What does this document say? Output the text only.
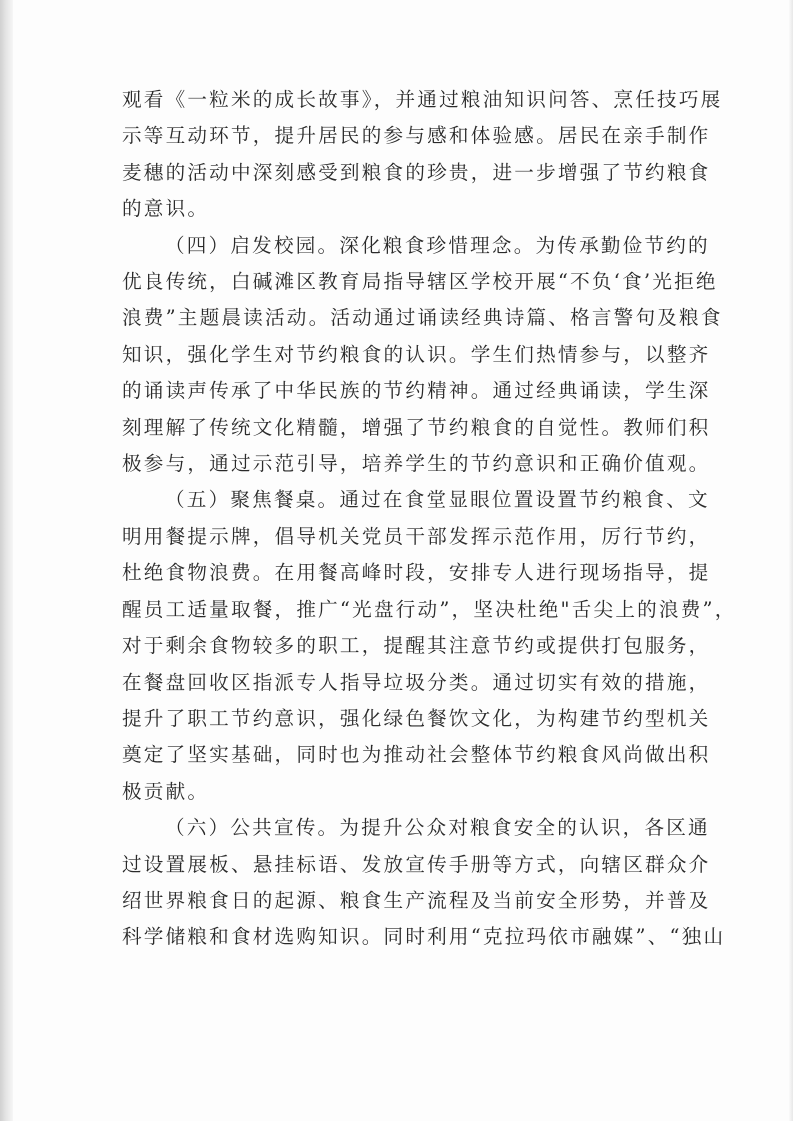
观看《一粒米的成长故事》，并通过粮油知识问答、烹任技巧展
示等互动环节，提升居民的参与感和体验感。居民在亲手制作
麦穗的活动中深刻感受到粮食的珍贵，进一步增强了节约粮食
的意识。
（四）启发校园。深化粮食珍惜理念。为传承勤俭节约的
优良传统，白碱滩区教育局指导辖区学校开展“不负‘食’光拒绝
浪费”主题晨读活动。活动通过诵读经典诗篇、格言警句及粮食
知识，强化学生对节约粮食的认识。学生们热情参与，以整齐
的诵读声传承了中华民族的节约精神。通过经典诵读，学生深
刻理解了传统文化精髓，增强了节约粮食的自觉性。教师们积
极参与，通过示范引导，培养学生的节约意识和正确价值观。
（五）聚焦餐桌。通过在食堂显眼位置设置节约粮食、文
明用餐提示牌，倡导机关党员干部发挥示范作用，厉行节约，
杜绝食物浪费。在用餐高峰时段，安排专人进行现场指导，提
醒员工适量取餐，推广“光盘行动”，坚决杜绝"舌尖上的浪费”，
对于剩余食物较多的职工，提醒其注意节约或提供打包服务，
在餐盘回收区指派专人指导垃圾分类。通过切实有效的措施，
提升了职工节约意识，强化绿色餐饮文化，为构建节约型机关
奠定了坚实基础，同时也为推动社会整体节约粮食风尚做出积
极贡献。
（六）公共宣传。为提升公众对粮食安全的认识，各区通
过设置展板、悬挂标语、发放宣传手册等方式，向辖区群众介
绍世界粮食日的起源、粮食生产流程及当前安全形势，并普及
科学储粮和食材选购知识。同时利用“克拉玛依市融媒”、“独山
